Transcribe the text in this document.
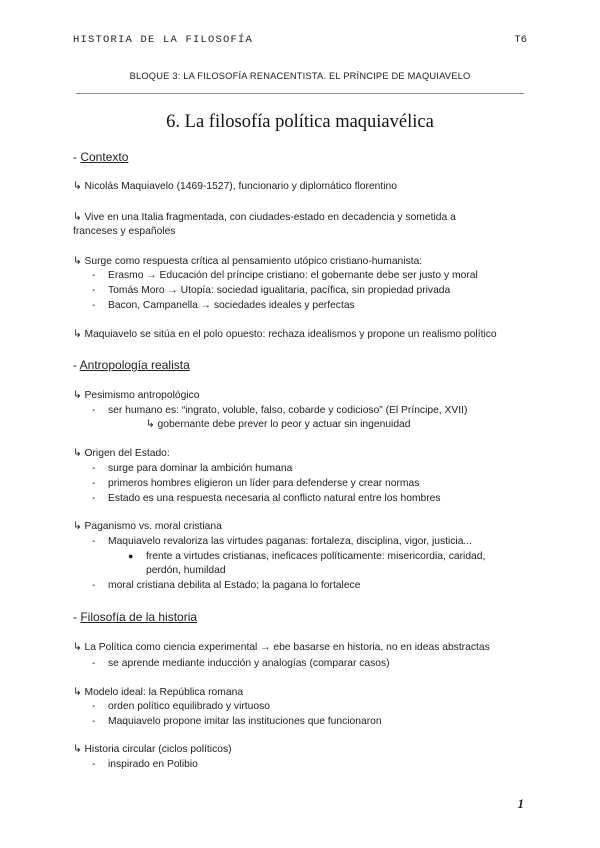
HISTORIA DE LA FILOSOFÍA	T6
BLOQUE 3: LA FILOSOFÍA RENACENTISTA. EL PRÍNCIPE DE MAQUIAVELO
6. La filosofía política maquiavélica
- Contexto
↳ Nicolás Maquiavelo (1469-1527), funcionario y diplomático florentino
↳ Vive en una Italia fragmentada, con ciudades-estado en decadencia y sometida a
franceses y españoles
↳ Surge como respuesta crítica al pensamiento utópico cristiano-humanista:
- Erasmo → Educación del príncipe cristiano: el gobernante debe ser justo y moral
- Tomás Moro → Utopía: sociedad igualitaria, pacífica, sin propiedad privada
- Bacon, Campanella → sociedades ideales y perfectas
↳ Maquiavelo se sitúa en el polo opuesto: rechaza idealismos y propone un realismo político
- Antropología realista
↳ Pesimismo antropológico
- ser humano es: “ingrato, voluble, falso, cobarde y codicioso” (El Príncipe, XVII)
↳ gobernante debe prever lo peor y actuar sin ingenuidad
↳ Origen del Estado:
- surge para dominar la ambición humana
- primeros hombres eligieron un líder para defenderse y crear normas
- Estado es una respuesta necesaria al conflicto natural entre los hombres
↳ Paganismo vs. moral cristiana
- Maquiavelo revaloriza las virtudes paganas: fortaleza, disciplina, vigor, justicia...
● frente a virtudes cristianas, ineficaces políticamente: misericordia, caridad,
perdón, humildad
- moral cristiana debilita al Estado; la pagana lo fortalece
- Filosofía de la historia
↳ La Política como ciencia experimental → ebe basarse en historia, no en ideas abstractas
- se aprende mediante inducción y analogías (comparar casos)
↳ Modelo ideal: la República romana
- orden político equilibrado y virtuoso
- Maquiavelo propone imitar las instituciones que funcionaron
↳ Historia circular (ciclos políticos)
- inspirado en Polibio
1
